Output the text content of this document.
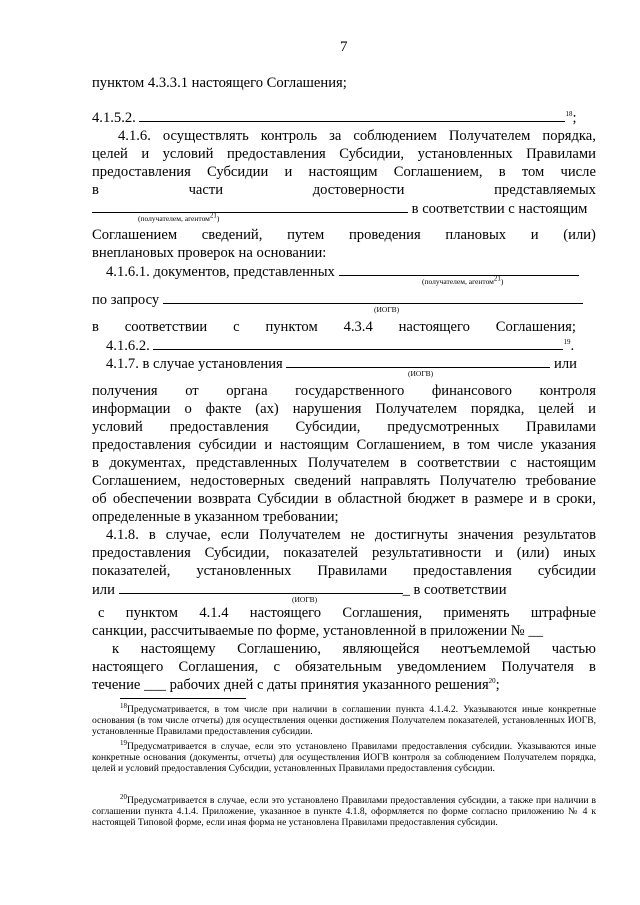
7
пунктом 4.3.3.1 настоящего Соглашения;
4.1.5.2.	$^{18}$;
4.1.6. осуществлять контроль за соблюдением Получателем порядка,
целей и условий предоставления Субсидии, установленных Правилами
предоставления Субсидии и настоящим Соглашением, в том числе
в	части	достоверности	представляемых
в соответствии с настоящим
(получателем, агентом21)
Соглашением сведений, путем проведения плановых и (или)
внеплановых проверок на основании:
4.1.6.1. документов, представленных
(получателем, агентом21)
по запросу
(ИОГВ)
в соответствии с пунктом 4.3.4 настоящего Соглашения;
4.1.6.2.	$^{19}$.
4.1.7. в случае установления	или
(ИОГВ)
получения от органа государственного финансового контроля
информации о факте (ах) нарушения Получателем порядка, целей и
условий предоставления Субсидии, предусмотренных Правилами
предоставления субсидии и настоящим Соглашением, в том числе указания
в документах, представленных Получателем в соответствии с настоящим
Соглашением, недостоверных сведений направлять Получателю требование
об обеспечении возврата Субсидии в областной бюджет в размере и в сроки,
определенные в указанном требовании;
4.1.8. в случае, если Получателем не достигнуты значения результатов
предоставления Субсидии, показателей результативности и (или) иных
показателей, установленных Правилами предоставления субсидии
или	_ в соответствии
(ИОГВ)
с пунктом 4.1.4 настоящего Соглашения, применять штрафные
санкции, рассчитываемые по форме, установленной в приложении № __
к настоящему Соглашению, являющейся неотъемлемой частью
настоящего Соглашения, с обязательным уведомлением Получателя в
течение ___ рабочих дней с даты принятия указанного решения$^{20}$;
$^{18}$Предусматривается, в том числе при наличии в соглашении пункта 4.1.4.2. Указываются иные конкретные основания (в том числе отчеты) для осуществления оценки достижения Получателем показателей, установленных ИОГВ, установленные Правилами предоставления субсидии.
$^{19}$Предусматривается в случае, если это установлено Правилами предоставления субсидии. Указываются иные конкретные основания (документы, отчеты) для осуществления ИОГВ контроля за соблюдением Получателем порядка, целей и условий предоставления Субсидии, установленных Правилами предоставления субсидии.
$^{20}$Предусматривается в случае, если это установлено Правилами предоставления субсидии, а также при наличии в соглашении пункта 4.1.4. Приложение, указанное в пункте 4.1.8, оформляется по форме согласно приложению № 4 к настоящей Типовой форме, если иная форма не установлена Правилами предоставления субсидии.
